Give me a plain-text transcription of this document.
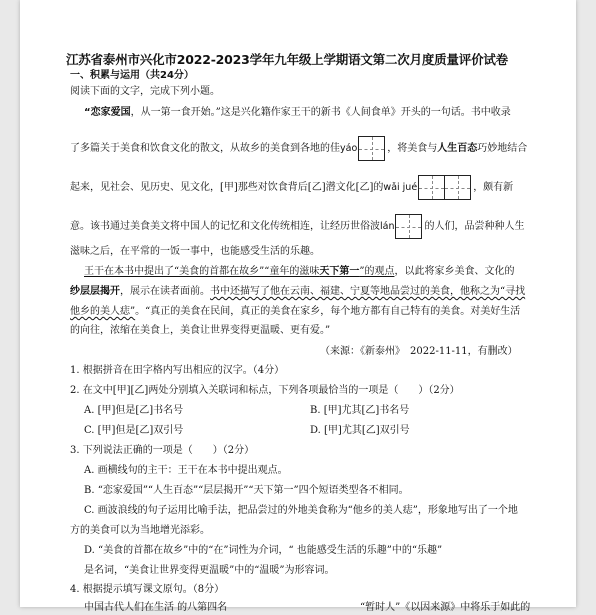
江苏省泰州市兴化市2022-2023学年九年级上学期语文第二次月度质量评价试卷
一、积累与运用（共24分）
阅读下面的文字，完成下列小题。
“恋家爱国，从一第一食开始。”这是兴化籍作家王干的新书《人间食单》开头的一句话。书中收录
了多篇关于美食和饮食文化的散文，从故乡的美食到各地的佳yáo	，将美食与人生百态巧妙地结合
起来，见社会、见历史、见文化，[甲]那些对饮食背后[乙]潜文化[乙]的wǎi jué	，颇有新
意。该书通过美食美文将中国人的记忆和文化传统相连，让经历世俗波lán	的人们，品尝种种人生
滋味之后，在平常的一饭一事中，也能感受生活的乐趣。
王干在本书中提出了“美食的首都在故乡”“童年的滋味天下第一”的观点，以此将家乡美食、文化的
纱层层揭开，展示在读者面前。书中还描写了他在云南、福建、宁夏等地品尝过的美食，他称之为“寻找
他乡的美人痣”。“真正的美食在民间，真正的美食在家乡，每个地方都有自己特有的美食。对美好生活
的向往，浓缩在美食上，美食让世界变得更温暖、更有爱。”
（来源：《新泰州》　2022-11-11，有删改）
1. 根据拼音在田字格内写出相应的汉字。（4分）
2. 在文中[甲][乙]两处分别填入关联词和标点，下列各项最恰当的一项是（　　）（2分）
A. [甲]但是[乙]书名号	B. [甲]尤其[乙]书名号
C. [甲]但是[乙]双引号	D. [甲]尤其[乙]双引号
3. 下列说法正确的一项是（　　）（2分）
A. 画横线句的主干：王干在本书中提出观点。
B. “恋家爱国”“人生百态”“层层揭开”“天下第一”四个短语类型各不相同。
C. 画波浪线的句子运用比喻手法，把品尝过的外地美食称为“他乡的美人痣”，形象地写出了一个地
方的美食可以为当地增光添彩。
D. “美食的首都在故乡”中的“在”词性为介词，“ 也能感受生活的乐趣”中的“乐趣”
是名词，“美食让世界变得更温暖”中的“温暖”为形容词。
4. 根据提示填写课文原句。（8分）
中国古代人们在生活 的八第四名	“暂时人”《以因来源》中将乐于如此的
